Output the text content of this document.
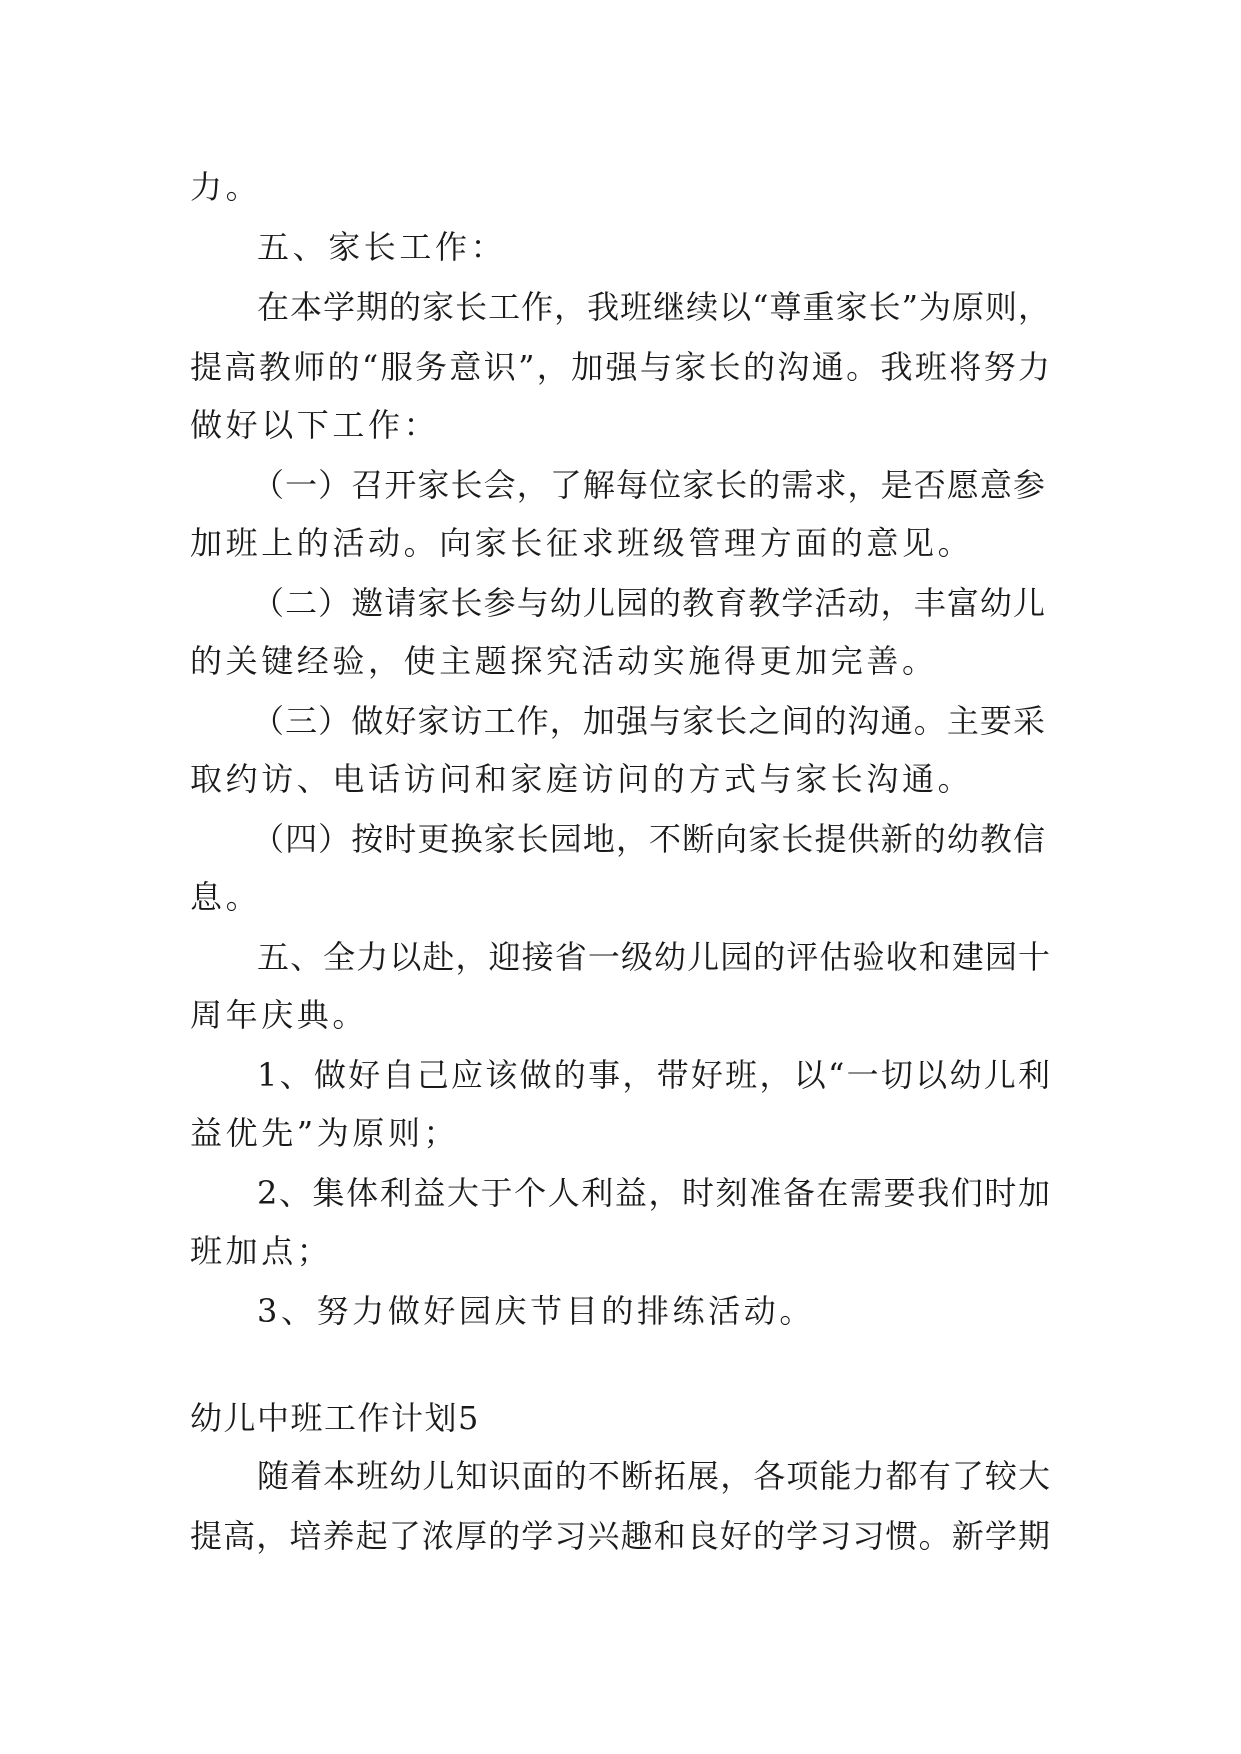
力。

五、家长工作：

在本学期的家长工作，我班继续以“尊重家长”为原则，

提高教师的“服务意识”，加强与家长的沟通。我班将努力

做好以下工作：

（一）召开家长会，了解每位家长的需求，是否愿意参

加班上的活动。向家长征求班级管理方面的意见。

（二）邀请家长参与幼儿园的教育教学活动，丰富幼儿

的关键经验，使主题探究活动实施得更加完善。

（三）做好家访工作，加强与家长之间的沟通。主要采

取约访、电话访问和家庭访问的方式与家长沟通。

（四）按时更换家长园地，不断向家长提供新的幼教信

息。

五、全力以赴，迎接省一级幼儿园的评估验收和建园十

周年庆典。

1、做好自己应该做的事，带好班，以“一切以幼儿利

益优先”为原则；

2、集体利益大于个人利益，时刻准备在需要我们时加

班加点；

3、努力做好园庆节目的排练活动。

幼儿中班工作计划5

随着本班幼儿知识面的不断拓展，各项能力都有了较大

提高，培养起了浓厚的学习兴趣和良好的学习习惯。新学期
